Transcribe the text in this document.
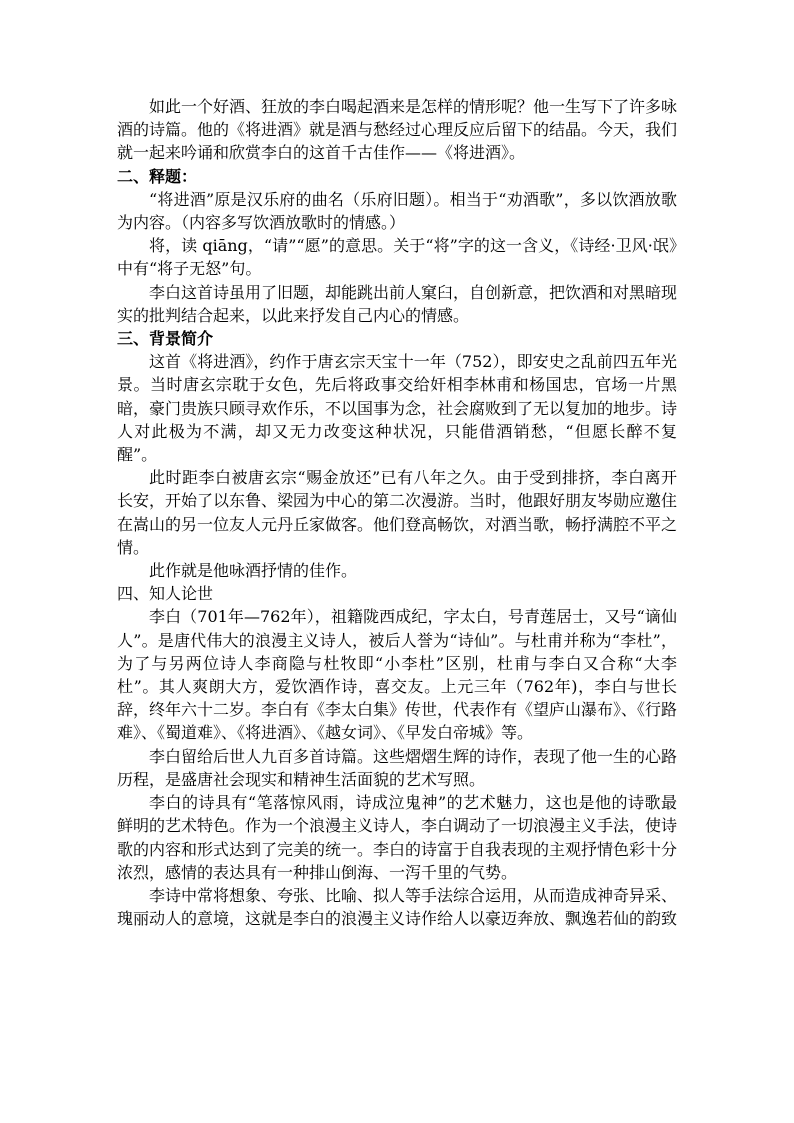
如此一个好酒、狂放的李白喝起酒来是怎样的情形呢？他一生写下了许多咏酒的诗篇。他的《将进酒》就是酒与愁经过心理反应后留下的结晶。今天，我们就一起来吟诵和欣赏李白的这首千古佳作——《将进酒》。

二、释题：

“将进酒”原是汉乐府的曲名（乐府旧题）。相当于“劝酒歌”，多以饮酒放歌为内容。（内容多写饮酒放歌时的情感。）

将，读 qiāng，“请”“愿”的意思。关于“将”字的这一含义，《诗经·卫风·氓》中有“将子无怒”句。

李白这首诗虽用了旧题，却能跳出前人窠臼，自创新意，把饮酒和对黑暗现实的批判结合起来，以此来抒发自己内心的情感。

三、背景简介

这首《将进酒》，约作于唐玄宗天宝十一年（752），即安史之乱前四五年光景。当时唐玄宗耽于女色，先后将政事交给奸相李林甫和杨国忠，官场一片黑暗，豪门贵族只顾寻欢作乐，不以国事为念，社会腐败到了无以复加的地步。诗人对此极为不满，却又无力改变这种状况，只能借酒销愁，“但愿长醉不复醒”。

此时距李白被唐玄宗“赐金放还”已有八年之久。由于受到排挤，李白离开长安，开始了以东鲁、梁园为中心的第二次漫游。当时，他跟好朋友岑勋应邀住在嵩山的另一位友人元丹丘家做客。他们登高畅饮，对酒当歌，畅抒满腔不平之情。

此作就是他咏酒抒情的佳作。

四、知人论世

李白（701年—762年），祖籍陇西成纪，字太白，号青莲居士，又号“谪仙人”。是唐代伟大的浪漫主义诗人，被后人誉为“诗仙”。与杜甫并称为“李杜”，为了与另两位诗人李商隐与杜牧即“小李杜”区别，杜甫与李白又合称“大李杜”。其人爽朗大方，爱饮酒作诗，喜交友。上元三年（762年)，李白与世长辞，终年六十二岁。李白有《李太白集》传世，代表作有《望庐山瀑布》、《行路难》、《蜀道难》、《将进酒》、《越女词》、《早发白帝城》等。

李白留给后世人九百多首诗篇。这些熠熠生辉的诗作，表现了他一生的心路历程，是盛唐社会现实和精神生活面貌的艺术写照。

李白的诗具有“笔落惊风雨，诗成泣鬼神”的艺术魅力，这也是他的诗歌最鲜明的艺术特色。作为一个浪漫主义诗人，李白调动了一切浪漫主义手法，使诗歌的内容和形式达到了完美的统一。李白的诗富于自我表现的主观抒情色彩十分浓烈，感情的表达具有一种排山倒海、一泻千里的气势。

李诗中常将想象、夸张、比喻、拟人等手法综合运用，从而造成神奇异采、瑰丽动人的意境，这就是李白的浪漫主义诗作给人以豪迈奔放、飘逸若仙的韵致
